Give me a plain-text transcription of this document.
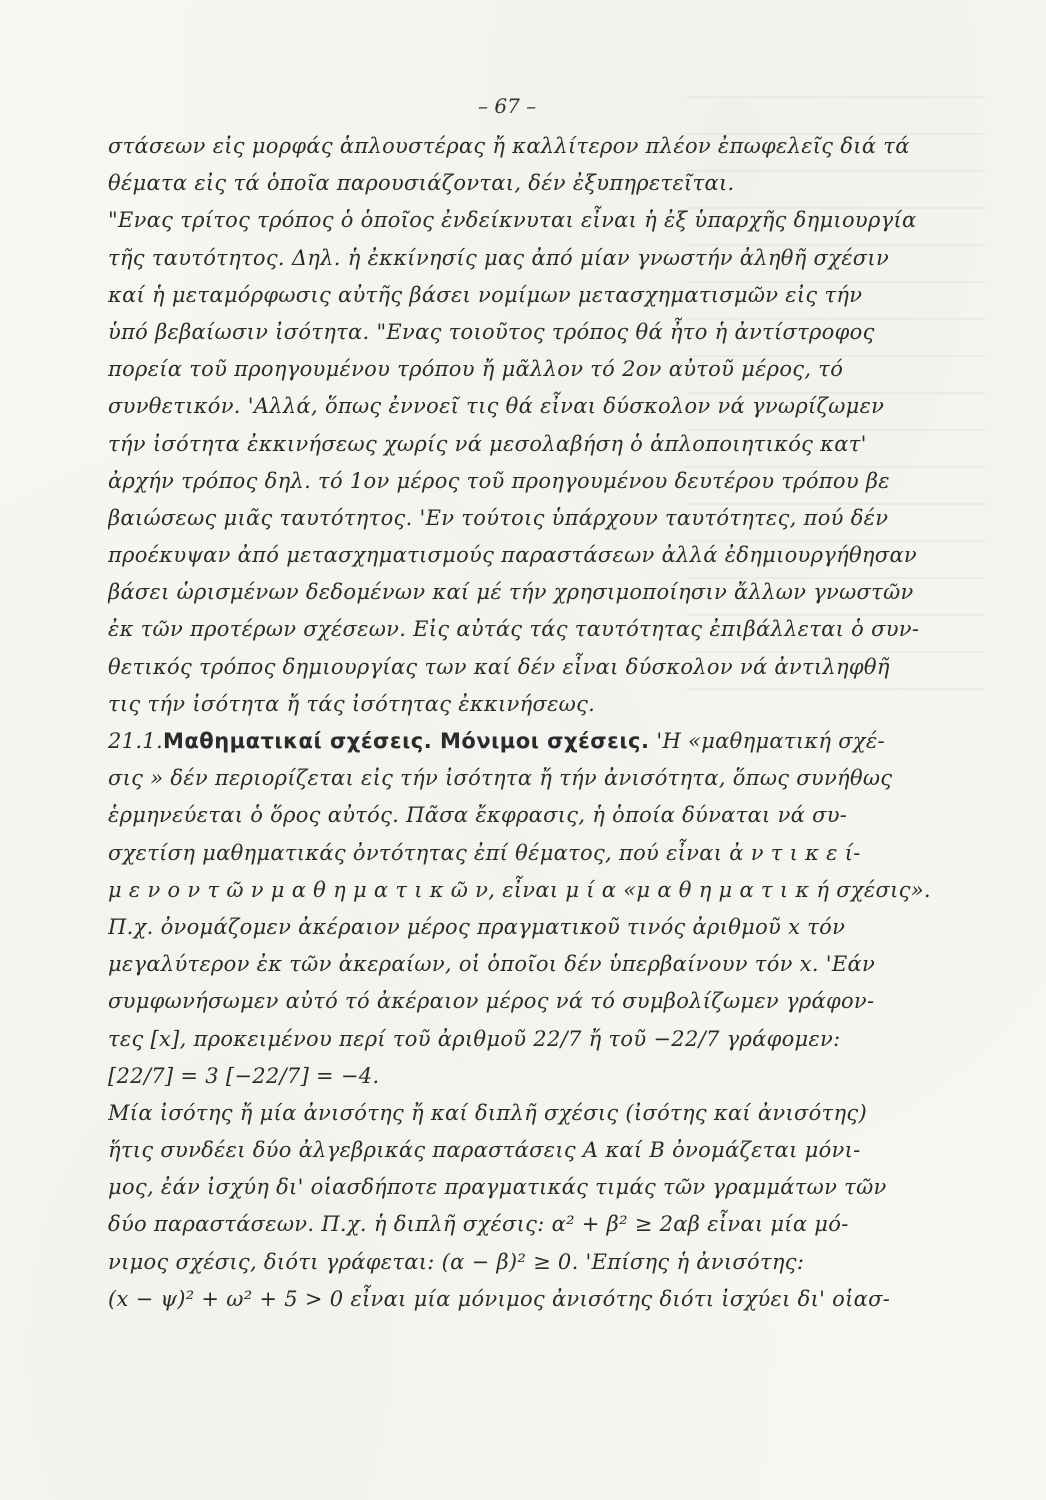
– 67 –
στάσεων εἰς μορφάς ἁπλουστέρας ἤ καλλίτερον πλέον ἐπωφελεῖς διά τά
θέματα εἰς τά ὁποῖα παρουσιάζονται, δέν ἐξυπηρετεῖται.
"Ενας τρίτος τρόπος ὁ ὁποῖος ἐνδείκνυται εἶναι ἡ ἐξ ὑπαρχῆς δημιουργία
τῆς ταυτότητος. Δηλ. ἡ ἐκκίνησίς μας ἀπό μίαν γνωστήν ἀληθῆ σχέσιν
καί ἡ μεταμόρφωσις αὐτῆς βάσει νομίμων μετασχηματισμῶν εἰς τήν
ὑπό βεβαίωσιν ἰσότητα. "Ενας τοιοῦτος τρόπος θά ἦτο ἡ ἀντίστροφος
πορεία τοῦ προηγουμένου τρόπου ἤ μᾶλλον τό 2ον αὐτοῦ μέρος, τό
συνθετικόν. 'Αλλά, ὅπως ἐννοεῖ τις θά εἶναι δύσκολον νά γνωρίζωμεν
τήν ἰσότητα ἐκκινήσεως χωρίς νά μεσολαβήση ὁ ἁπλοποιητικός κατ'
ἀρχήν τρόπος δηλ. τό 1ον μέρος τοῦ προηγουμένου δευτέρου τρόπου βε
βαιώσεως μιᾶς ταυτότητος. 'Εν τούτοις ὑπάρχουν ταυτότητες, πού δέν
προέκυψαν ἀπό μετασχηματισμούς παραστάσεων ἀλλά ἐδημιουργήθησαν
βάσει ὡρισμένων δεδομένων καί μέ τήν χρησιμοποίησιν ἄλλων γνωστῶν
ἐκ τῶν προτέρων σχέσεων. Εἰς αὐτάς τάς ταυτότητας ἐπιβάλλεται ὁ συν-
θετικός τρόπος δημιουργίας των καί δέν εἶναι δύσκολον νά ἀντιληφθῆ
τις τήν ἰσότητα ἤ τάς ἰσότητας ἐκκινήσεως.
21.1.Μαθηματικαί σχέσεις. Μόνιμοι σχέσεις. 'Η «μαθηματική σχέ-
σις » δέν περιορίζεται εἰς τήν ἰσότητα ἤ τήν ἀνισότητα, ὅπως συνήθως
ἑρμηνεύεται ὁ ὅρος αὐτός. Πᾶσα ἔκφρασις, ἡ ὁποία δύναται νά συ-
σχετίση μαθηματικάς ὀντότητας ἐπί θέματος, πού εἶναι ἀ ν τ ι κ ε ί-
μ ε ν ο ν τ ῶ ν μ α θ η μ α τ ι κ ῶ ν, εἶναι μ ί α «μ α θ η μ α τ ι κ ή σχέσις».
Π.χ. ὀνομάζομεν ἀκέραιον μέρος πραγματικοῦ τινός ἀριθμοῦ x τόν
μεγαλύτερον ἐκ τῶν ἀκεραίων, οἱ ὁποῖοι δέν ὑπερβαίνουν τόν x. 'Εάν
συμφωνήσωμεν αὐτό τό ἀκέραιον μέρος νά τό συμβολίζωμεν γράφον-
τες [x], προκειμένου περί τοῦ ἀριθμοῦ 22/7 ἤ τοῦ −22/7 γράφομεν:
[22/7] = 3 [−22/7] = −4.
Μία ἰσότης ἤ μία ἀνισότης ἤ καί διπλῆ σχέσις (ἰσότης καί ἀνισότης)
ἥτις συνδέει δύο ἀλγεβρικάς παραστάσεις Α καί Β ὀνομάζεται μόνι-
μος, ἐάν ἰσχύη δι' οἱασδήποτε πραγματικάς τιμάς τῶν γραμμάτων τῶν
δύο παραστάσεων. Π.χ. ἡ διπλῆ σχέσις: α² + β² ≥ 2αβ εἶναι μία μό-
νιμος σχέσις, διότι γράφεται: (α − β)² ≥ 0. 'Επίσης ἡ ἀνισότης:
(x − ψ)² + ω² + 5 > 0 εἶναι μία μόνιμος ἀνισότης διότι ἰσχύει δι' οἱασ-
